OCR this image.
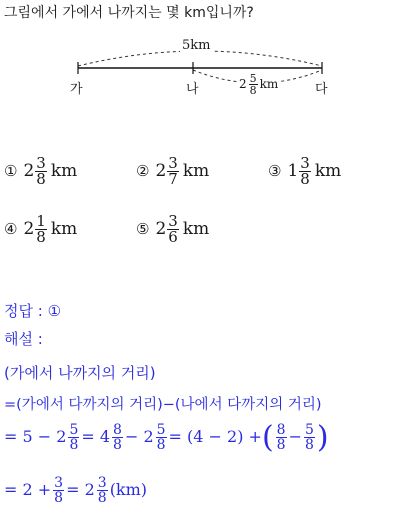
그림에서 가에서 나까지는 몇 km입니까?
5km
$2 \frac{5}{8}$ km
가	나	다
① $2 \frac{3}{8}$ km	② $2 \frac{3}{7}$ km	③ $1 \frac{3}{8}$ km
④ $2 \frac{1}{8}$ km	⑤ $2 \frac{3}{6}$ km
정답 : ①
해설 :
(가에서 나까지의 거리)
=(가에서 다까지의 거리)−(나에서 다까지의 거리)
= $5 - 2 \frac{5}{8} = 4 \frac{8}{8} - 2 \frac{5}{8} = (4 - 2)$ +( $\frac{8}{8} - \frac{5}{8}$ )
= $2 + \frac{3}{8} = 2 \frac{3}{8} (km)$
